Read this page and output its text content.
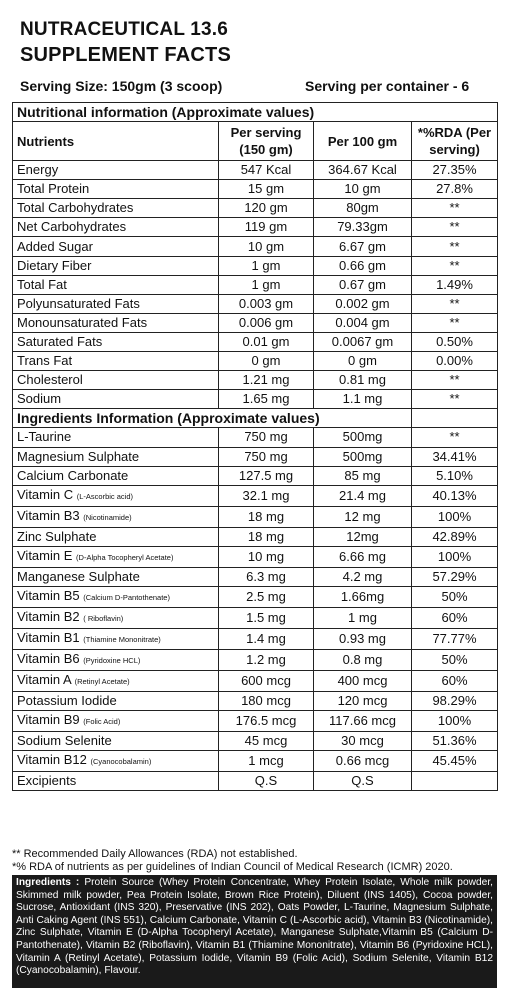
NUTRACEUTICAL 13.6
SUPPLEMENT FACTS
Serving Size: 150gm (3 scoop)	Serving per container - 6
Nutritional information (Approximate values)			
Nutrients	Per serving (150 gm)	Per 100 gm	*%RDA (Per serving)
Energy	547 Kcal	364.67 Kcal	27.35%
Total Protein	15 gm	10 gm	27.8%
Total Carbohydrates	120 gm	80gm	**
Net Carbohydrates	119 gm	79.33gm	**
Added Sugar	10 gm	6.67 gm	**
Dietary Fiber	1 gm	0.66 gm	**
Total Fat	1 gm	0.67 gm	1.49%
Polyunsaturated Fats	0.003 gm	0.002 gm	**
Monounsaturated Fats	0.006 gm	0.004 gm	**
Saturated Fats	0.01 gm	0.0067 gm	0.50%
Trans Fat	0 gm	0 gm	0.00%
Cholesterol	1.21 mg	0.81 mg	**
Sodium	1.65 mg	1.1 mg	**
Ingredients Information (Approximate values)			
L-Taurine	750 mg	500mg	**
Magnesium Sulphate	750 mg	500mg	34.41%
Calcium Carbonate	127.5 mg	85 mg	5.10%
Vitamin C (L-Ascorbic acid)	32.1 mg	21.4 mg	40.13%
Vitamin B3 (Nicotinamide)	18 mg	12 mg	100%
Zinc Sulphate	18 mg	12mg	42.89%
Vitamin E (D-Alpha Tocopheryl Acetate)	10 mg	6.66 mg	100%
Manganese Sulphate	6.3 mg	4.2 mg	57.29%
Vitamin B5 (Calcium D-Pantothenate)	2.5 mg	1.66mg	50%
Vitamin B2 ( Riboflavin)	1.5 mg	1 mg	60%
Vitamin B1 (Thiamine Mononitrate)	1.4 mg	0.93 mg	77.77%
Vitamin B6 (Pyridoxine HCL)	1.2 mg	0.8 mg	50%
Vitamin A (Retinyl Acetate)	600 mcg	400 mcg	60%
Potassium Iodide	180 mcg	120 mcg	98.29%
Vitamin B9 (Folic Acid)	176.5 mcg	117.66 mcg	100%
Sodium Selenite	45 mcg	30 mcg	51.36%
Vitamin B12 (Cyanocobalamin)	1 mcg	0.66 mcg	45.45%
Excipients	Q.S	Q.S	
** Recommended Daily Allowances (RDA) not established.
*% RDA of nutrients as per guidelines of Indian Council of Medical Research (ICMR) 2020.
Ingredients : Protein Source (Whey Protein Concentrate, Whey Protein Isolate, Whole milk powder, Skimmed milk powder, Pea Protein Isolate, Brown Rice Protein), Diluent (INS 1405), Cocoa powder, Sucrose, Antioxidant (INS 320), Preservative (INS 202), Oats Powder, L-Taurine, Magnesium Sulphate, Anti Caking Agent (INS 551), Calcium Carbonate, Vitamin C (L-Ascorbic acid), Vitamin B3 (Nicotinamide), Zinc Sulphate, Vitamin E (D-Alpha Tocopheryl Acetate), Manganese Sulphate,Vitamin B5 (Calcium D-Pantothenate), Vitamin B2 (Riboflavin), Vitamin B1 (Thiamine Mononitrate), Vitamin B6 (Pyridoxine HCL), Vitamin A (Retinyl Acetate), Potassium Iodide, Vitamin B9 (Folic Acid), Sodium Selenite, Vitamin B12 (Cyanocobalamin), Flavour.
